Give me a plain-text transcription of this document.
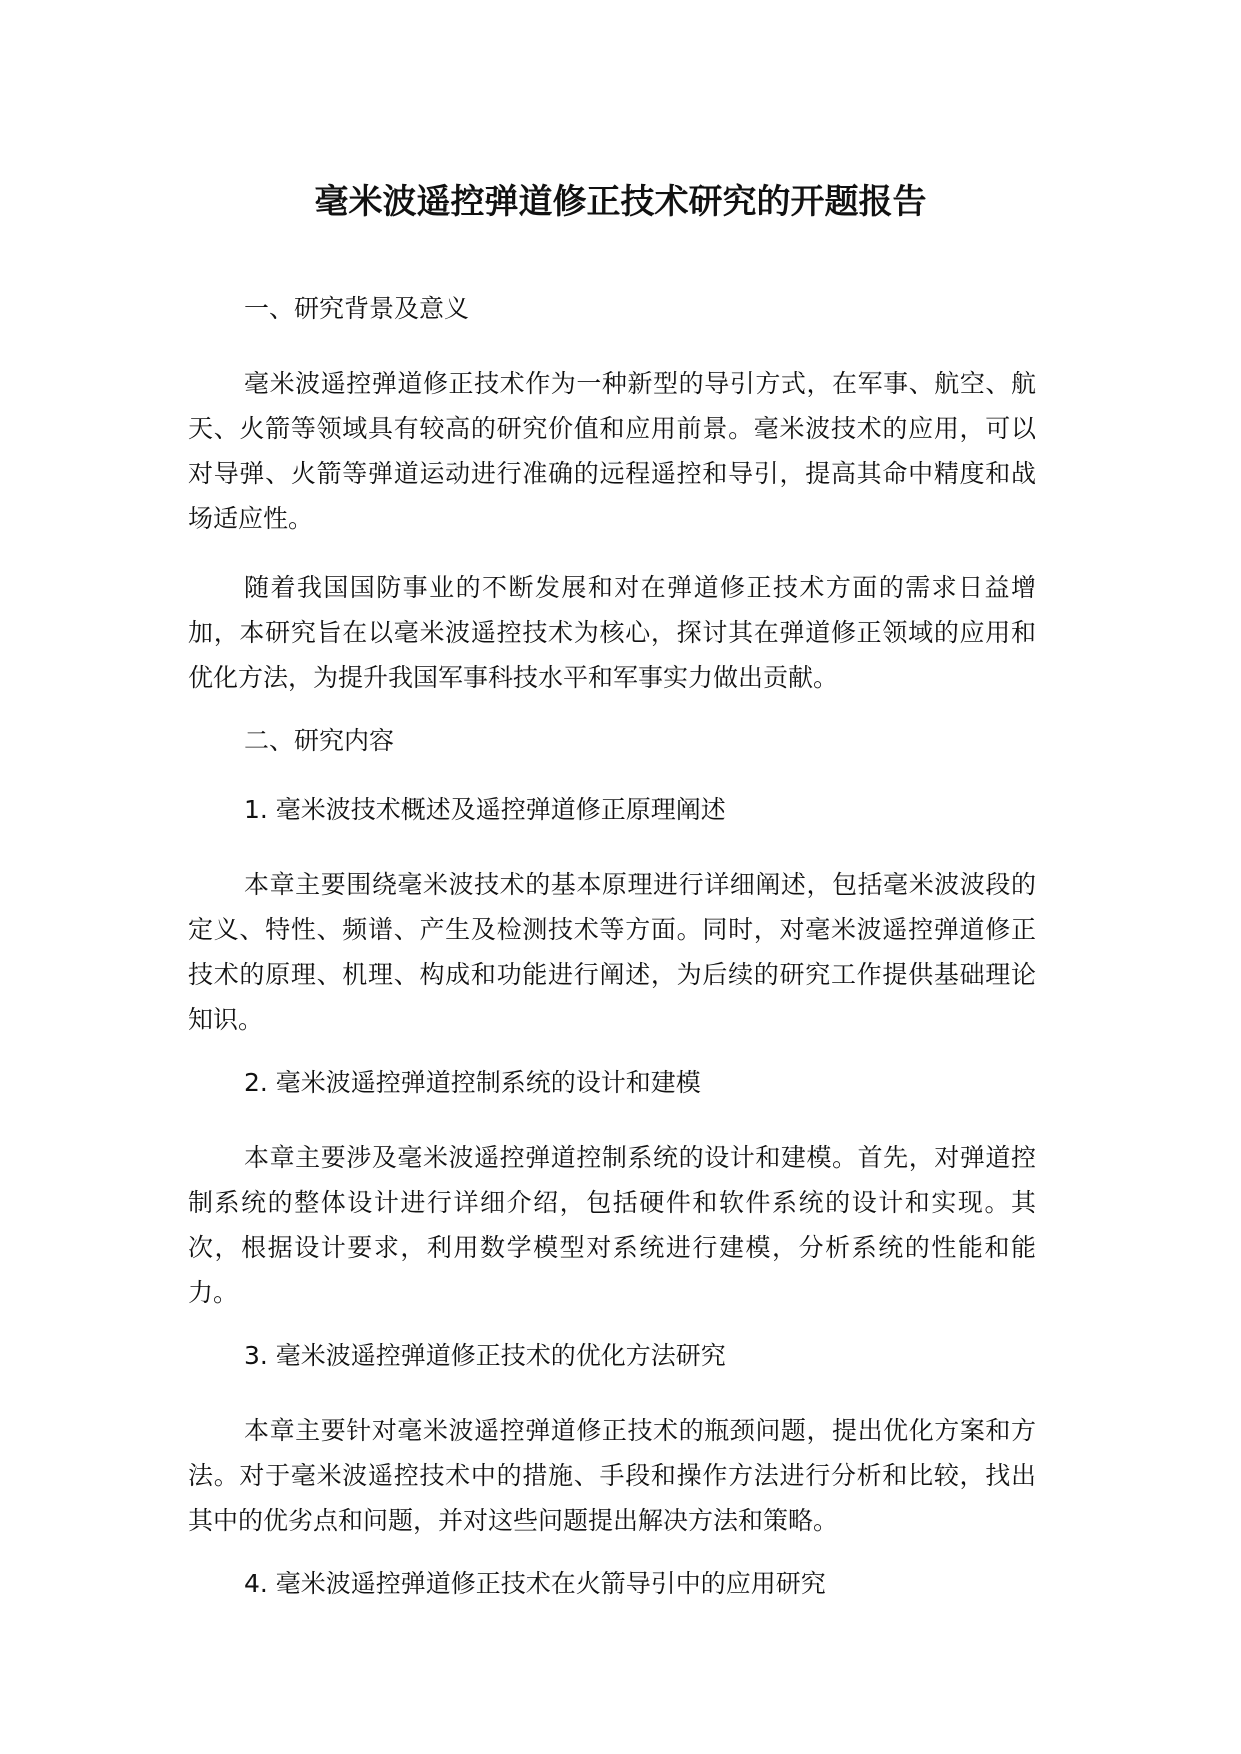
毫米波遥控弹道修正技术研究的开题报告
一、研究背景及意义
毫米波遥控弹道修正技术作为一种新型的导引方式，在军事、航空、航天、火箭等领域具有较高的研究价值和应用前景。毫米波技术的应用，可以对导弹、火箭等弹道运动进行准确的远程遥控和导引，提高其命中精度和战场适应性。
随着我国国防事业的不断发展和对在弹道修正技术方面的需求日益增加，本研究旨在以毫米波遥控技术为核心，探讨其在弹道修正领域的应用和优化方法，为提升我国军事科技水平和军事实力做出贡献。
二、研究内容
1. 毫米波技术概述及遥控弹道修正原理阐述
本章主要围绕毫米波技术的基本原理进行详细阐述，包括毫米波波段的定义、特性、频谱、产生及检测技术等方面。同时，对毫米波遥控弹道修正技术的原理、机理、构成和功能进行阐述，为后续的研究工作提供基础理论知识。
2. 毫米波遥控弹道控制系统的设计和建模
本章主要涉及毫米波遥控弹道控制系统的设计和建模。首先，对弹道控制系统的整体设计进行详细介绍，包括硬件和软件系统的设计和实现。其次，根据设计要求，利用数学模型对系统进行建模，分析系统的性能和能力。
3. 毫米波遥控弹道修正技术的优化方法研究
本章主要针对毫米波遥控弹道修正技术的瓶颈问题，提出优化方案和方法。对于毫米波遥控技术中的措施、手段和操作方法进行分析和比较，找出其中的优劣点和问题，并对这些问题提出解决方法和策略。
4. 毫米波遥控弹道修正技术在火箭导引中的应用研究
